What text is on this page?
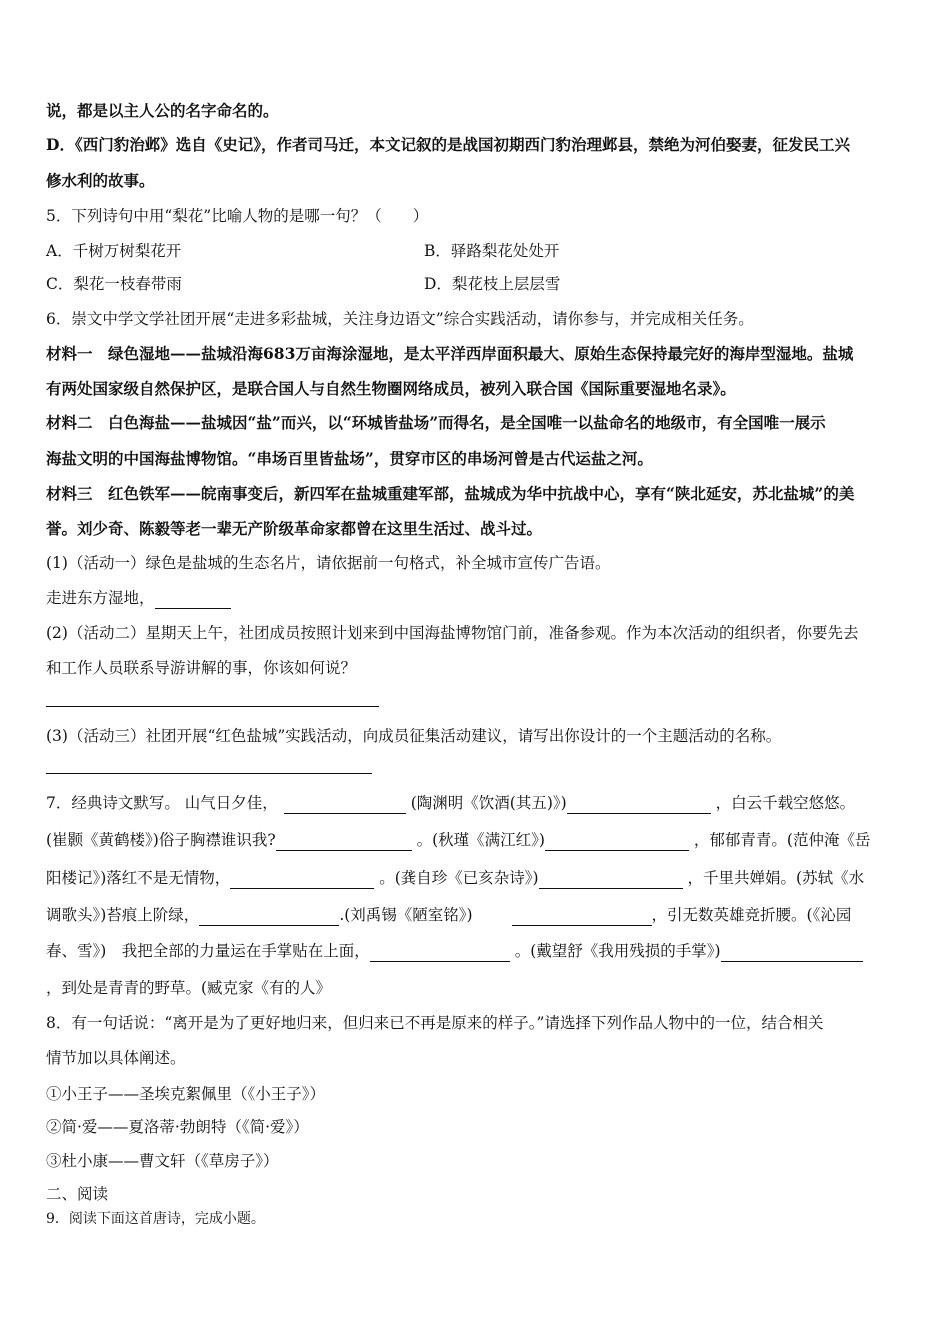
说，都是以主人公的名字命名的。
D．《西门豹治邺》选自《史记》，作者司马迁，本文记叙的是战国初期西门豹治理邺县，禁绝为河伯娶妻，征发民工兴
修水利的故事。
5．下列诗句中用“梨花”比喻人物的是哪一句？（　　）
A．千树万树梨花开	B．驿路梨花处处开
C．梨花一枝春带雨	D．梨花枝上层层雪
6．崇文中学文学社团开展“走进多彩盐城，关注身边语文”综合实践活动，请你参与，并完成相关任务。
材料一　绿色湿地——盐城沿海683万亩海涂湿地，是太平洋西岸面积最大、原始生态保持最完好的海岸型湿地。盐城
有两处国家级自然保护区，是联合国人与自然生物圈网络成员，被列入联合国《国际重要湿地名录》。
材料二　白色海盐——盐城因“盐”而兴，以“环城皆盐场”而得名，是全国唯一以盐命名的地级市，有全国唯一展示
海盐文明的中国海盐博物馆。“串场百里皆盐场”，贯穿市区的串场河曾是古代运盐之河。
材料三　红色铁军——皖南事变后，新四军在盐城重建军部，盐城成为华中抗战中心，享有“陕北延安，苏北盐城”的美
誉。刘少奇、陈毅等老一辈无产阶级革命家都曾在这里生活过、战斗过。
(1)（活动一）绿色是盐城的生态名片，请依据前一句格式，补全城市宣传广告语。
走进东方湿地，
(2)（活动二）星期天上午，社团成员按照计划来到中国海盐博物馆门前，准备参观。作为本次活动的组织者，你要先去
和工作人员联系导游讲解的事，你该如何说？
(3)（活动三）社团开展“红色盐城”实践活动，向成员征集活动建议，请写出你设计的一个主题活动的名称。
7．经典诗文默写。 山气日夕佳，	(陶渊明《饮酒(其五)》)	，白云千载空悠悠。
(崔颢《黄鹤楼》)俗子胸襟谁识我?	。(秋瑾《满江红》)	，郁郁青青。(范仲淹《岳
阳楼记》)落红不是无情物，	。(龚自珍《已亥杂诗》)	，千里共婵娟。(苏轼《水
调歌头》)苔痕上阶绿，	.(刘禹锡《陋室铭》)	，引无数英雄竞折腰。(《沁园
春、雪》)　我把全部的力量运在手掌贴在上面，	。(戴望舒《我用残损的手掌》)
，到处是青青的野草。(臧克家《有的人》
8．有一句话说：“离开是为了更好地归来，但归来已不再是原来的样子。”请选择下列作品人物中的一位，结合相关
情节加以具体阐述。
①小王子——圣埃克絮佩里（《小王子》）
②简·爱——夏洛蒂·勃朗特（《简·爱》）
③杜小康——曹文轩（《草房子》）
二、阅读
9．阅读下面这首唐诗，完成小题。
